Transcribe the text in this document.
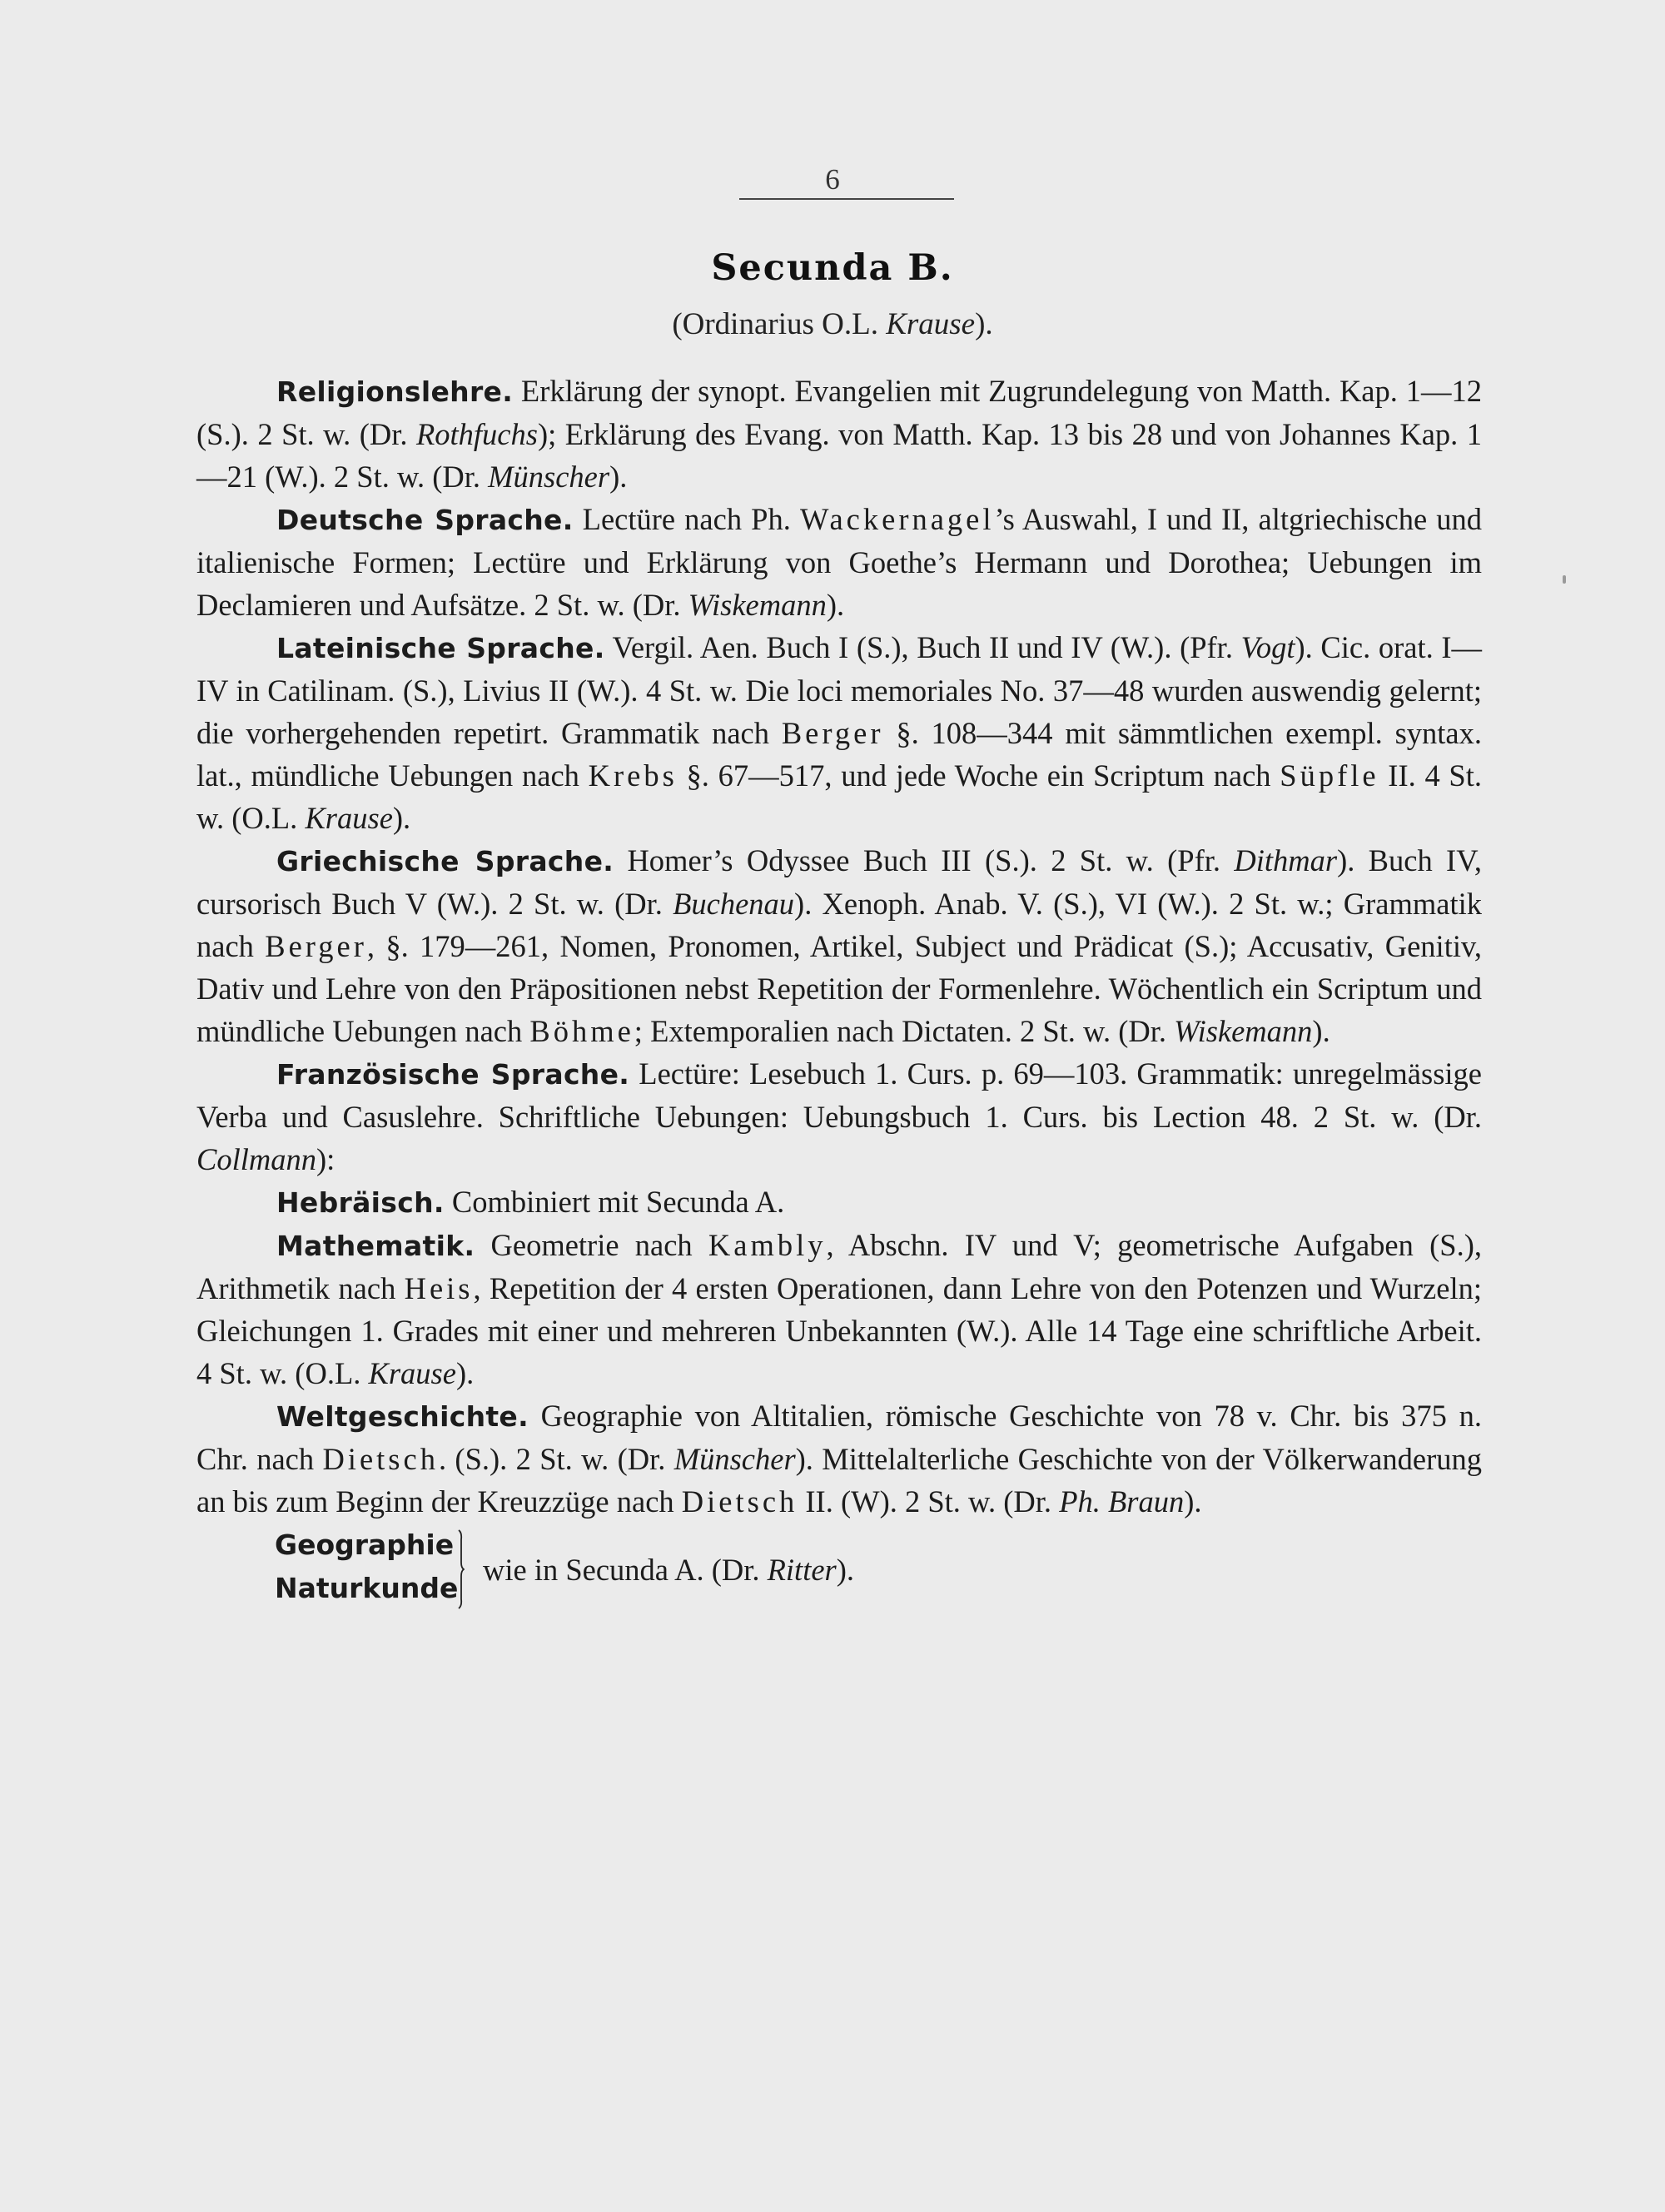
6
Secunda B.
(Ordinarius O.L. Krause).

Religionslehre. Erklärung der synopt. Evangelien mit Zugrundelegung von Matth. Kap. 1—12 (S.). 2 St. w. (Dr. Rothfuchs); Erklärung des Evang. von Matth. Kap. 13 bis 28 und von Johannes Kap. 1—21 (W.). 2 St. w. (Dr. Münscher).

Deutsche Sprache. Lectüre nach Ph. Wackernagel’s Auswahl, I und II, altgriechische und italienische Formen; Lectüre und Erklärung von Goethe’s Hermann und Dorothea; Uebungen im Declamieren und Aufsätze. 2 St. w. (Dr. Wiskemann).

Lateinische Sprache. Vergil. Aen. Buch I (S.), Buch II und IV (W.). (Pfr. Vogt). Cic. orat. I—IV in Catilinam. (S.), Livius II (W.). 4 St. w. Die loci memoriales No. 37—48 wurden auswendig gelernt; die vorhergehenden repetirt. Grammatik nach Berger §. 108—344 mit sämmtlichen exempl. syntax. lat., mündliche Uebungen nach Krebs §. 67—517, und jede Woche ein Scriptum nach Süpfle II. 4 St. w. (O.L. Krause).

Griechische Sprache. Homer’s Odyssee Buch III (S.). 2 St. w. (Pfr. Dithmar). Buch IV, cursorisch Buch V (W.). 2 St. w. (Dr. Buchenau). Xenoph. Anab. V. (S.), VI (W.). 2 St. w.; Grammatik nach Berger, §. 179—261, Nomen, Pronomen, Artikel, Subject und Prädicat (S.); Accusativ, Genitiv, Dativ und Lehre von den Präpositionen nebst Repetition der Formenlehre. Wöchentlich ein Scriptum und mündliche Uebungen nach Böhme; Extemporalien nach Dictaten. 2 St. w. (Dr. Wiskemann).

Französische Sprache. Lectüre: Lesebuch 1. Curs. p. 69—103. Grammatik: unregelmässige Verba und Casuslehre. Schriftliche Uebungen: Uebungsbuch 1. Curs. bis Lection 48. 2 St. w. (Dr. Collmann):

Hebräisch. Combiniert mit Secunda A.

Mathematik. Geometrie nach Kambly, Abschn. IV und V; geometrische Aufgaben (S.), Arithmetik nach Heis, Repetition der 4 ersten Operationen, dann Lehre von den Potenzen und Wurzeln; Gleichungen 1. Grades mit einer und mehreren Unbekannten (W.). Alle 14 Tage eine schriftliche Arbeit. 4 St. w. (O.L. Krause).

Weltgeschichte. Geographie von Altitalien, römische Geschichte von 78 v. Chr. bis 375 n. Chr. nach Dietsch. (S.). 2 St. w. (Dr. Münscher). Mittelalterliche Geschichte von der Völkerwanderung an bis zum Beginn der Kreuzzüge nach Dietsch II. (W). 2 St. w. (Dr. Ph. Braun).

Geographie
Naturkunde
wie in Secunda A. (Dr. Ritter).
